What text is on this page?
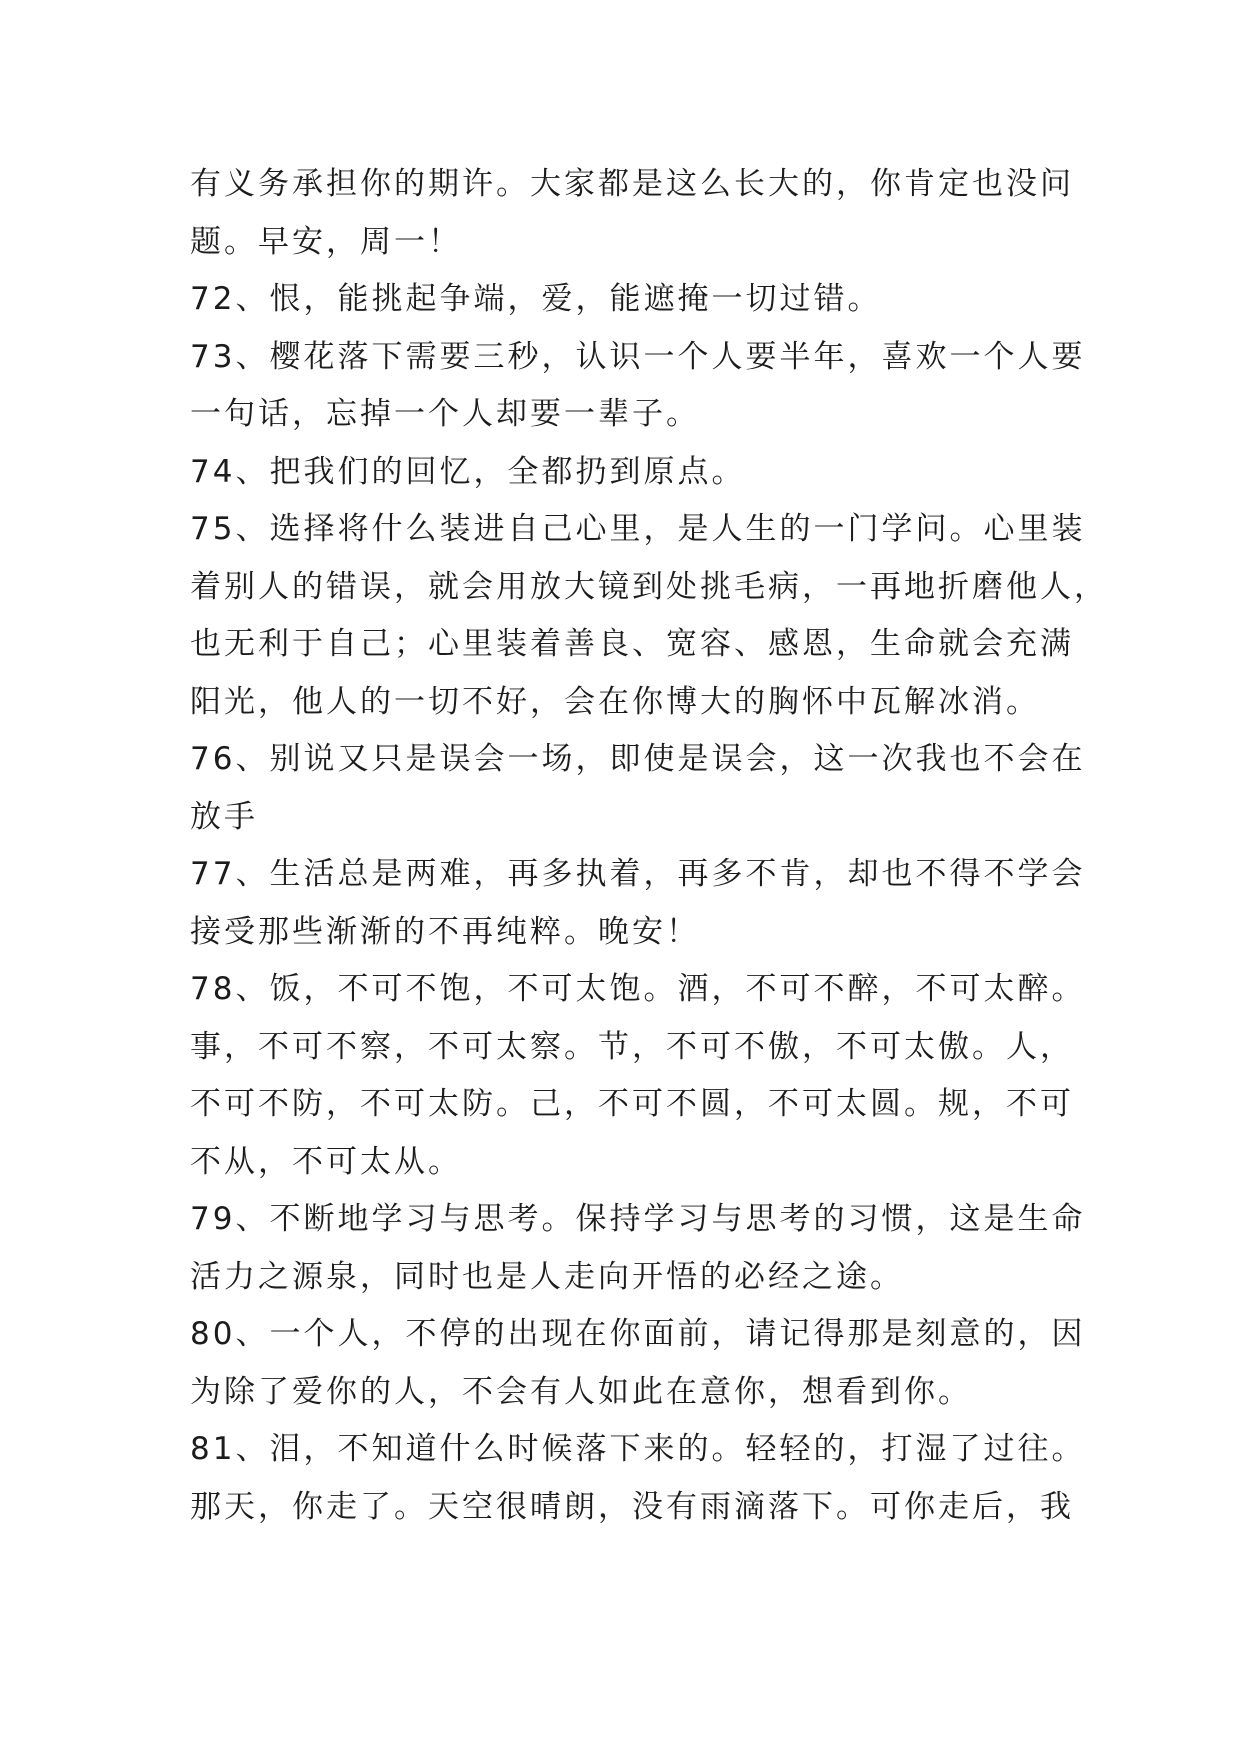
有义务承担你的期许。大家都是这么长大的，你肯定也没问
题。早安，周一！
72、恨，能挑起争端，爱，能遮掩一切过错。
73、樱花落下需要三秒，认识一个人要半年，喜欢一个人要
一句话，忘掉一个人却要一辈子。
74、把我们的回忆，全都扔到原点。
75、选择将什么装进自己心里，是人生的一门学问。心里装
着别人的错误，就会用放大镜到处挑毛病，一再地折磨他人，
也无利于自己；心里装着善良、宽容、感恩，生命就会充满
阳光，他人的一切不好，会在你博大的胸怀中瓦解冰消。
76、别说又只是误会一场，即使是误会，这一次我也不会在
放手
77、生活总是两难，再多执着，再多不肯，却也不得不学会
接受那些渐渐的不再纯粹。晚安！
78、饭，不可不饱，不可太饱。酒，不可不醉，不可太醉。
事，不可不察，不可太察。节，不可不傲，不可太傲。人，
不可不防，不可太防。己，不可不圆，不可太圆。规，不可
不从，不可太从。
79、不断地学习与思考。保持学习与思考的习惯，这是生命
活力之源泉，同时也是人走向开悟的必经之途。
80、一个人，不停的出现在你面前，请记得那是刻意的，因
为除了爱你的人，不会有人如此在意你，想看到你。
81、泪，不知道什么时候落下来的。轻轻的，打湿了过往。
那天，你走了。天空很晴朗，没有雨滴落下。可你走后，我
